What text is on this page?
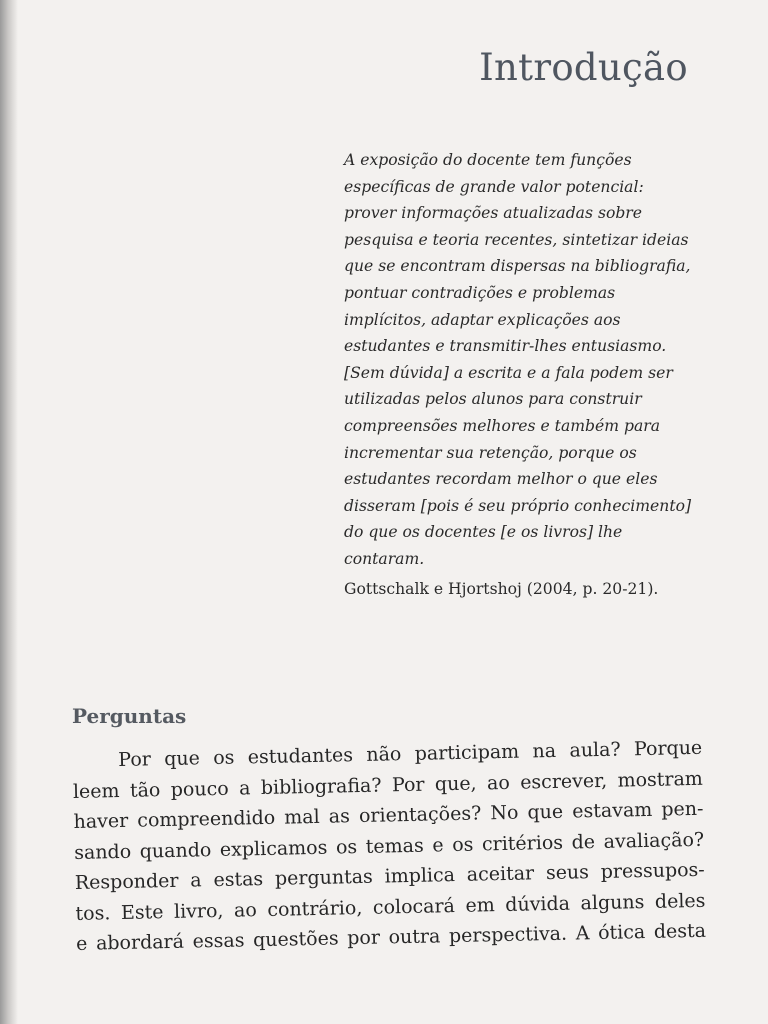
Introdução
A exposição do docente tem funções
específicas de grande valor potencial:
prover informações atualizadas sobre
pesquisa e teoria recentes, sintetizar ideias
que se encontram dispersas na bibliografia,
pontuar contradições e problemas
implícitos, adaptar explicações aos
estudantes e transmitir-lhes entusiasmo.
[Sem dúvida] a escrita e a fala podem ser
utilizadas pelos alunos para construir
compreensões melhores e também para
incrementar sua retenção, porque os
estudantes recordam melhor o que eles
disseram [pois é seu próprio conhecimento]
do que os docentes [e os livros] lhe
contaram.
Gottschalk e Hjortshoj (2004, p. 20-21).
Perguntas
Por que os estudantes não participam na aula? Porque
leem tão pouco a bibliografia? Por que, ao escrever, mostram
haver compreendido mal as orientações? No que estavam pen-
sando quando explicamos os temas e os critérios de avaliação?
Responder a estas perguntas implica aceitar seus pressupos-
tos. Este livro, ao contrário, colocará em dúvida alguns deles
e abordará essas questões por outra perspectiva. A ótica desta
